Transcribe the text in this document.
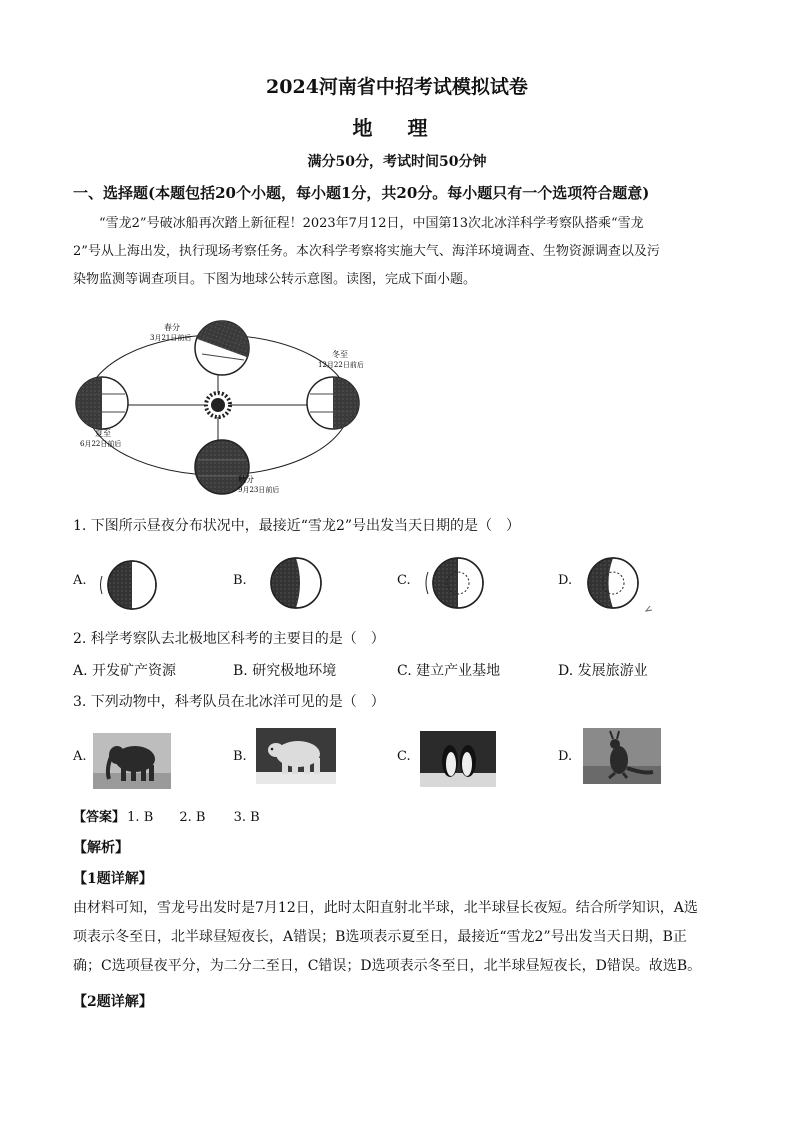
2024河南省中招考试模拟试卷
地 理
满分50分，考试时间50分钟
一、选择题(本题包括20个小题，每小题1分，共20分。每小题只有一个选项符合题意)
“雪龙2”号破冰船再次踏上新征程！2023年7月12日，中国第13次北冰洋科学考察队搭乘“雪龙
2”号从上海出发，执行现场考察任务。本次科学考察将实施大气、海洋环境调查、生物资源调查以及污
染物监测等调查项目。下图为地球公转示意图。读图，完成下面小题。
春分
3月21日前后
冬至
12月22日前后
夏至
6月22日前后
秋分
9月23日前后
1. 下图所示昼夜分布状况中，最接近“雪龙2”号出发当天日期的是（　）
A.	B.	C.	D.
2. 科学考察队去北极地区科考的主要目的是（　）
A. 开发矿产资源	B. 研究极地环境	C. 建立产业基地	D. 发展旅游业
3. 下列动物中，科考队员在北冰洋可见的是（　）
A.	B.	C.	D.
【答案】 1. B 2. B 3. B
【解析】
【1题详解】
由材料可知，雪龙号出发时是7月12日，此时太阳直射北半球，北半球昼长夜短。结合所学知识，A选
项表示冬至日，北半球昼短夜长，A错误；B选项表示夏至日，最接近“雪龙2”号出发当天日期，B正
确；C选项昼夜平分，为二分二至日，C错误；D选项表示冬至日，北半球昼短夜长，D错误。故选B。
【2题详解】
